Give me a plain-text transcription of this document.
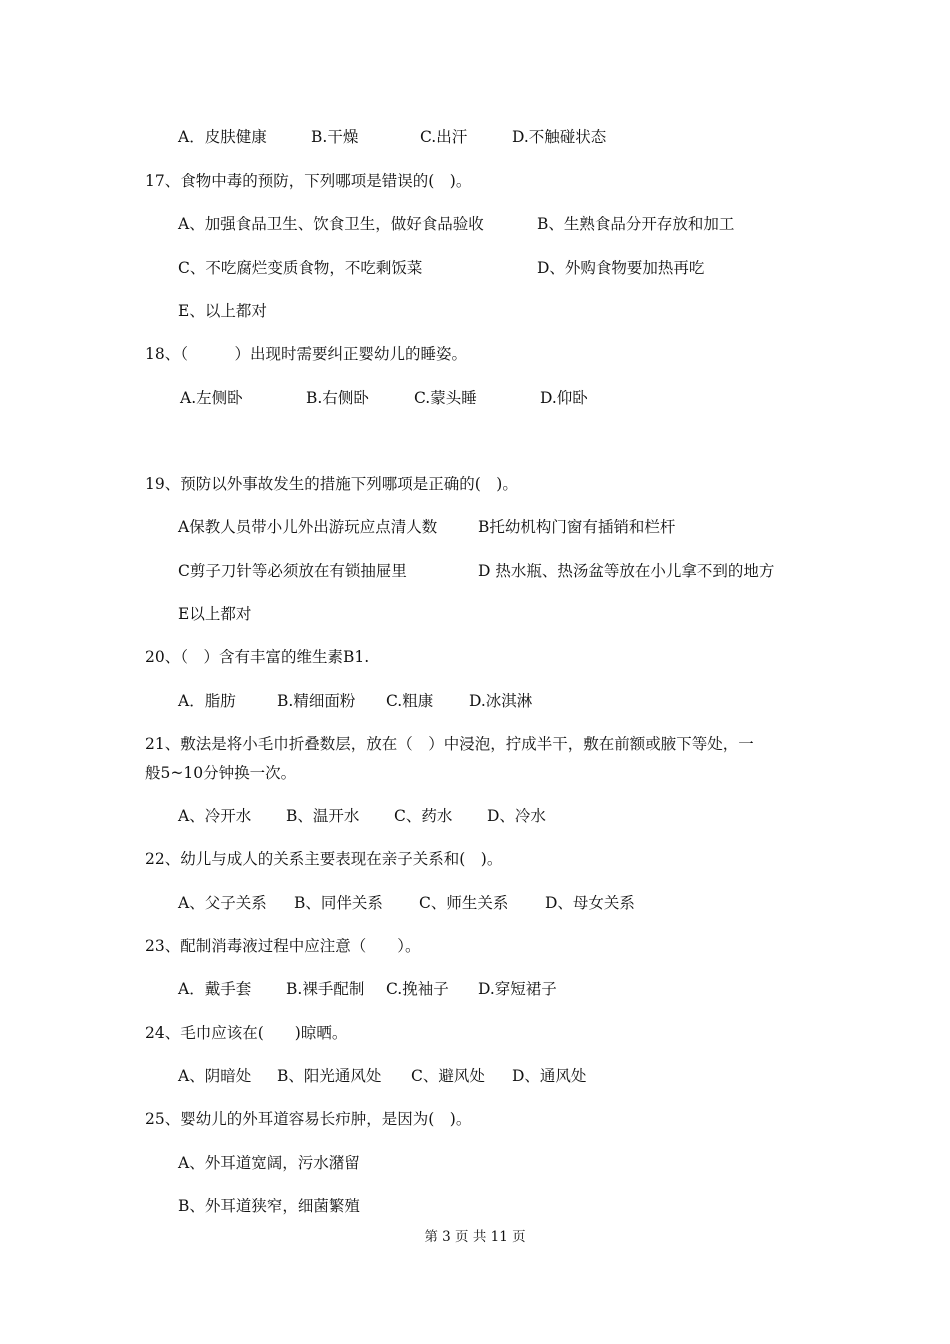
A．皮肤健康	B.干燥	C.出汗	D.不触碰状态
17、食物中毒的预防，下列哪项是错误的(　)。
A、加强食品卫生、饮食卫生，做好食品验收	B、生熟食品分开存放和加工
C、不吃腐烂变质食物，不吃剩饭菜	D、外购食物要加热再吃
E、以上都对
18、（　　　）出现时需要纠正婴幼儿的睡姿。
A.左侧卧	B.右侧卧	C.蒙头睡	D.仰卧
19、预防以外事故发生的措施下列哪项是正确的(　)。
A保教人员带小儿外出游玩应点清人数	B托幼机构门窗有插销和栏杆
C剪子刀针等必须放在有锁抽屉里	D 热水瓶、热汤盆等放在小儿拿不到的地方
E以上都对
20、（　）含有丰富的维生素B1.
A．脂肪	B.精细面粉 C.粗康 D.冰淇淋
21、敷法是将小毛巾折叠数层，放在（　）中浸泡，拧成半干，敷在前额或腋下等处，一
般5~10分钟换一次。
A、冷开水 B、温开水 C、药水 D、冷水
22、幼儿与成人的关系主要表现在亲子关系和(　)。
A、父子关系 B、同伴关系 C、师生关系 D、母女关系
23、配制消毒液过程中应注意（　　）。
A．戴手套 B.裸手配制 C.挽袖子 D.穿短裙子
24、毛巾应该在(　　)晾晒。
A、阴暗处 B、阳光通风处 C、避风处 D、通风处
25、婴幼儿的外耳道容易长疖肿，是因为(　)。
A、外耳道宽阔，污水潴留
B、外耳道狭窄，细菌繁殖
第 3 页 共 11 页
